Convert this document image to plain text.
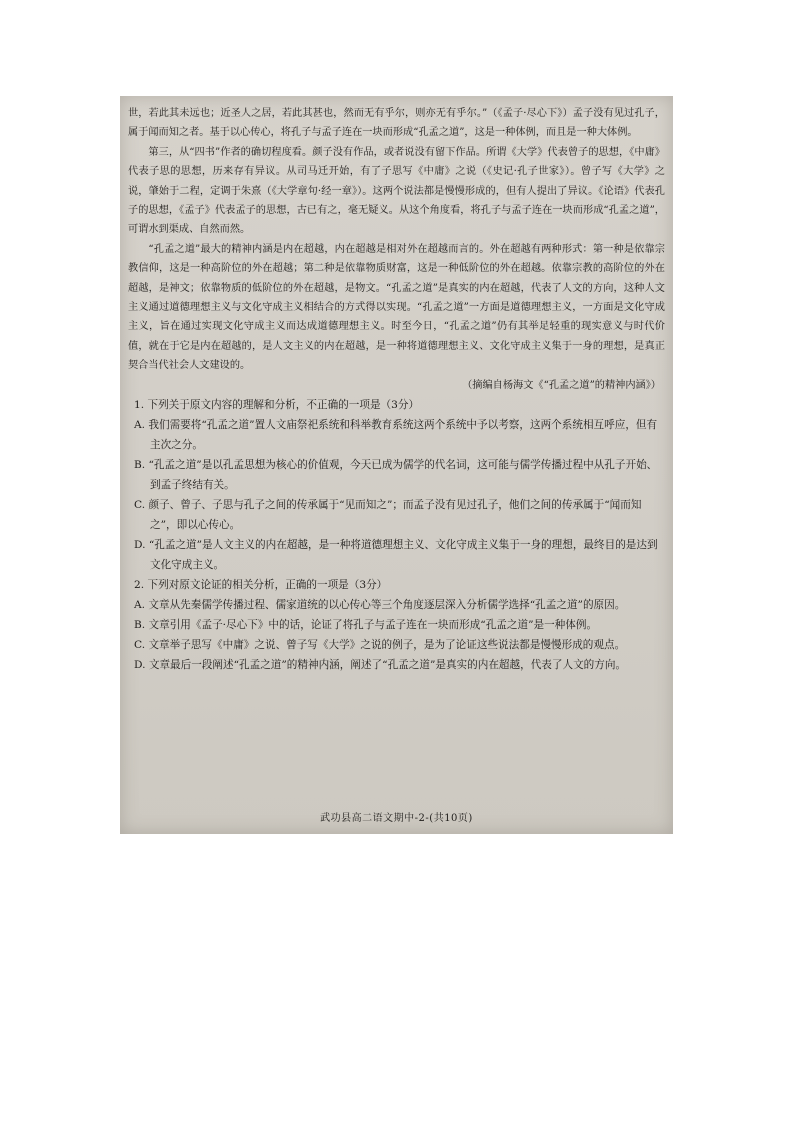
世，若此其未远也；近圣人之居，若此其甚也，然而无有乎尔，则亦无有乎尔。”（《孟子·尽心下》）孟子没有见过孔子，属于闻而知之者。基于以心传心，将孔子与孟子连在一块而形成“孔孟之道”，这是一种体例，而且是一种大体例。

第三，从“四书”作者的确切程度看。颜子没有作品，或者说没有留下作品。所谓《大学》代表曾子的思想，《中庸》代表子思的思想，历来存有异议。从司马迁开始，有了子思写《中庸》之说（《史记·孔子世家》）。曾子写《大学》之说，肇始于二程，定调于朱熹（《大学章句·经一章》）。这两个说法都是慢慢形成的，但有人提出了异议。《论语》代表孔子的思想，《孟子》代表孟子的思想，古已有之，毫无疑义。从这个角度看，将孔子与孟子连在一块而形成“孔孟之道”，可谓水到渠成、自然而然。

“孔孟之道”最大的精神内涵是内在超越，内在超越是相对外在超越而言的。外在超越有两种形式：第一种是依靠宗教信仰，这是一种高阶位的外在超越；第二种是依靠物质财富，这是一种低阶位的外在超越。依靠宗教的高阶位的外在超越，是神文；依靠物质的低阶位的外在超越，是物文。“孔孟之道”是真实的内在超越，代表了人文的方向，这种人文主义通过道德理想主义与文化守成主义相结合的方式得以实现。“孔孟之道”一方面是道德理想主义，一方面是文化守成主义，旨在通过实现文化守成主义而达成道德理想主义。时至今日，“孔孟之道”仍有其举足轻重的现实意义与时代价值，就在于它是内在超越的，是人文主义的内在超越，是一种将道德理想主义、文化守成主义集于一身的理想，是真正契合当代社会人文建设的。

（摘编自杨海文《“孔孟之道”的精神内涵》）

1. 下列关于原文内容的理解和分析，不正确的一项是（3分）

A. 我们需要将“孔孟之道”置人文庙祭祀系统和科举教育系统这两个系统中予以考察，这两个系统相互呼应，但有主次之分。

B. “孔孟之道”是以孔孟思想为核心的价值观，今天已成为儒学的代名词，这可能与儒学传播过程中从孔子开始、到孟子终结有关。

C. 颜子、曾子、子思与孔子之间的传承属于“见而知之”；而孟子没有见过孔子，他们之间的传承属于“闻而知之”，即以心传心。

D. “孔孟之道”是人文主义的内在超越，是一种将道德理想主义、文化守成主义集于一身的理想，最终目的是达到文化守成主义。

2. 下列对原文论证的相关分析，正确的一项是（3分）

A. 文章从先秦儒学传播过程、儒家道统的以心传心等三个角度逐层深入分析儒学选择“孔孟之道”的原因。

B. 文章引用《孟子·尽心下》中的话，论证了将孔子与孟子连在一块而形成“孔孟之道”是一种体例。

C. 文章举子思写《中庸》之说、曾子写《大学》之说的例子，是为了论证这些说法都是慢慢形成的观点。

D. 文章最后一段阐述“孔孟之道”的精神内涵，阐述了“孔孟之道”是真实的内在超越，代表了人文的方向。

武功县高二语文期中-2-(共10页)
